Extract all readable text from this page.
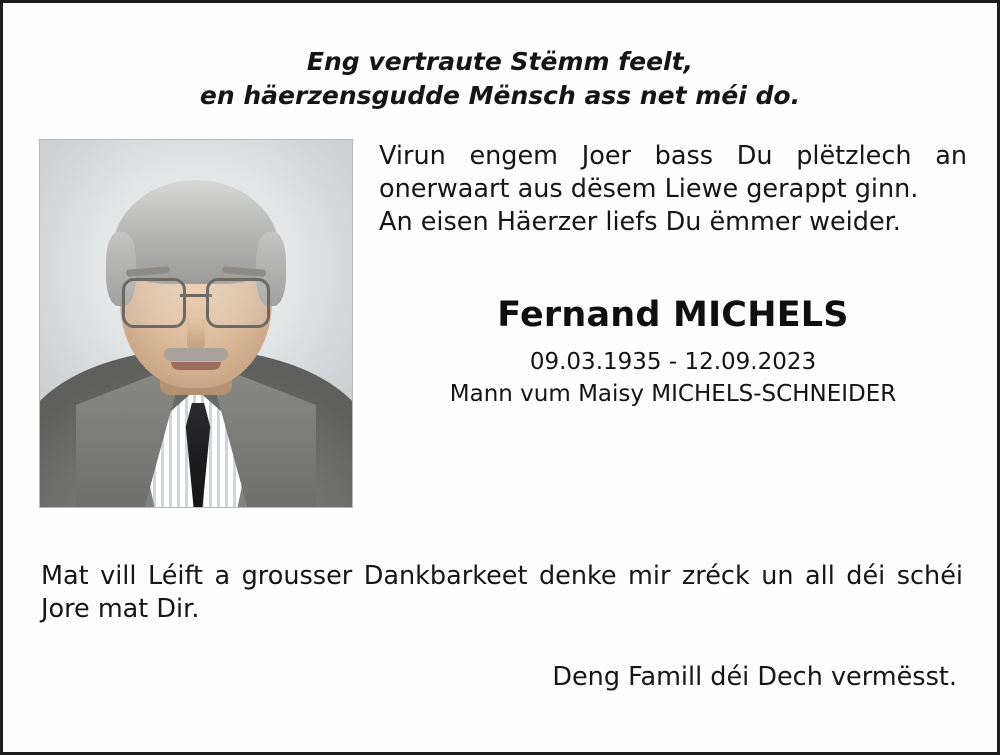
Eng vertraute Stëmm feelt,
en häerzensgudde Mënsch ass net méi do.

Virun engem Joer bass Du plëtzlech an onerwaart aus dësem Liewe gerappt ginn.

An eisen Häerzer liefs Du ëmmer weider.

Fernand MICHELS
09.03.1935 - 12.09.2023
Mann vum Maisy MICHELS-SCHNEIDER
Mat vill Léift a grousser Dankbarkeet denke mir zréck un all déi schéi Jore mat Dir.
Deng Famill déi Dech vermësst.
